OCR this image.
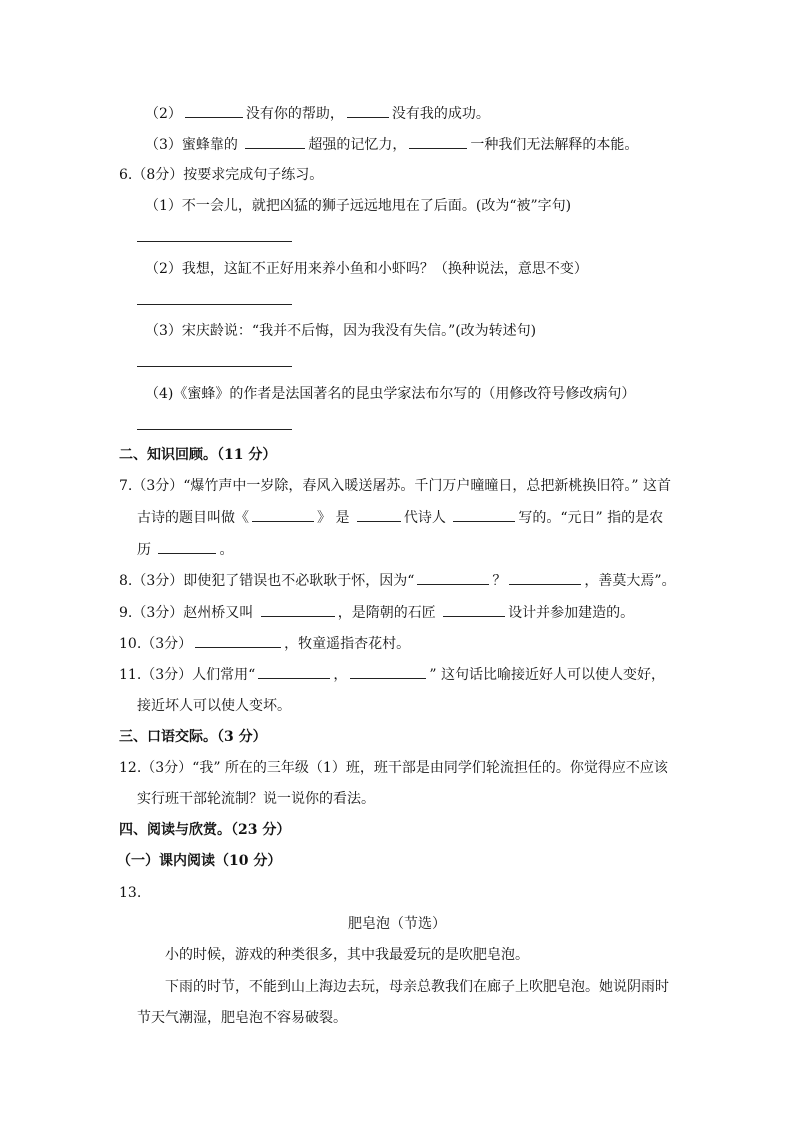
（2）	没有你的帮助，	没有我的成功。
（3）蜜蜂靠的	超强的记忆力，	一种我们无法解释的本能。
6.（8分）按要求完成句子练习。
（1）不一会儿，就把凶猛的狮子远远地甩在了后面。(改为“被”字句)
（2）我想，这缸不正好用来养小鱼和小虾吗？（换种说法，意思不变）
（3）宋庆龄说：“我并不后悔，因为我没有失信。”(改为转述句)
（4)《蜜蜂》的作者是法国著名的昆虫学家法布尔写的（用修改符号修改病句）
二、知识回顾。（11 分）
7.（3分）“爆竹声中一岁除，春风入暖送屠苏。千门万户曈曈日，总把新桃换旧符。” 这首
古诗的题目叫做《	》 是	代诗人	写的。“元日” 指的是农
历	。
8.（3分）即使犯了错误也不必耿耿于怀，因为“	？	，善莫大焉”。
9.（3分）赵州桥又叫	，是隋朝的石匠	设计并参加建造的。
10.（3分）	，牧童遥指杏花村。
11.（3分）人们常用“	，	” 这句话比喻接近好人可以使人变好，
接近坏人可以使人变坏。
三、口语交际。（3 分）
12.（3分）“我” 所在的三年级（1）班，班干部是由同学们轮流担任的。你觉得应不应该
实行班干部轮流制？说一说你的看法。
四、阅读与欣赏。（23 分）
（一）课内阅读（10 分）
13.
肥皂泡（节选）
小的时候，游戏的种类很多，其中我最爱玩的是吹肥皂泡。
下雨的时节，不能到山上海边去玩，母亲总教我们在廊子上吹肥皂泡。她说阴雨时
节天气潮湿，肥皂泡不容易破裂。
